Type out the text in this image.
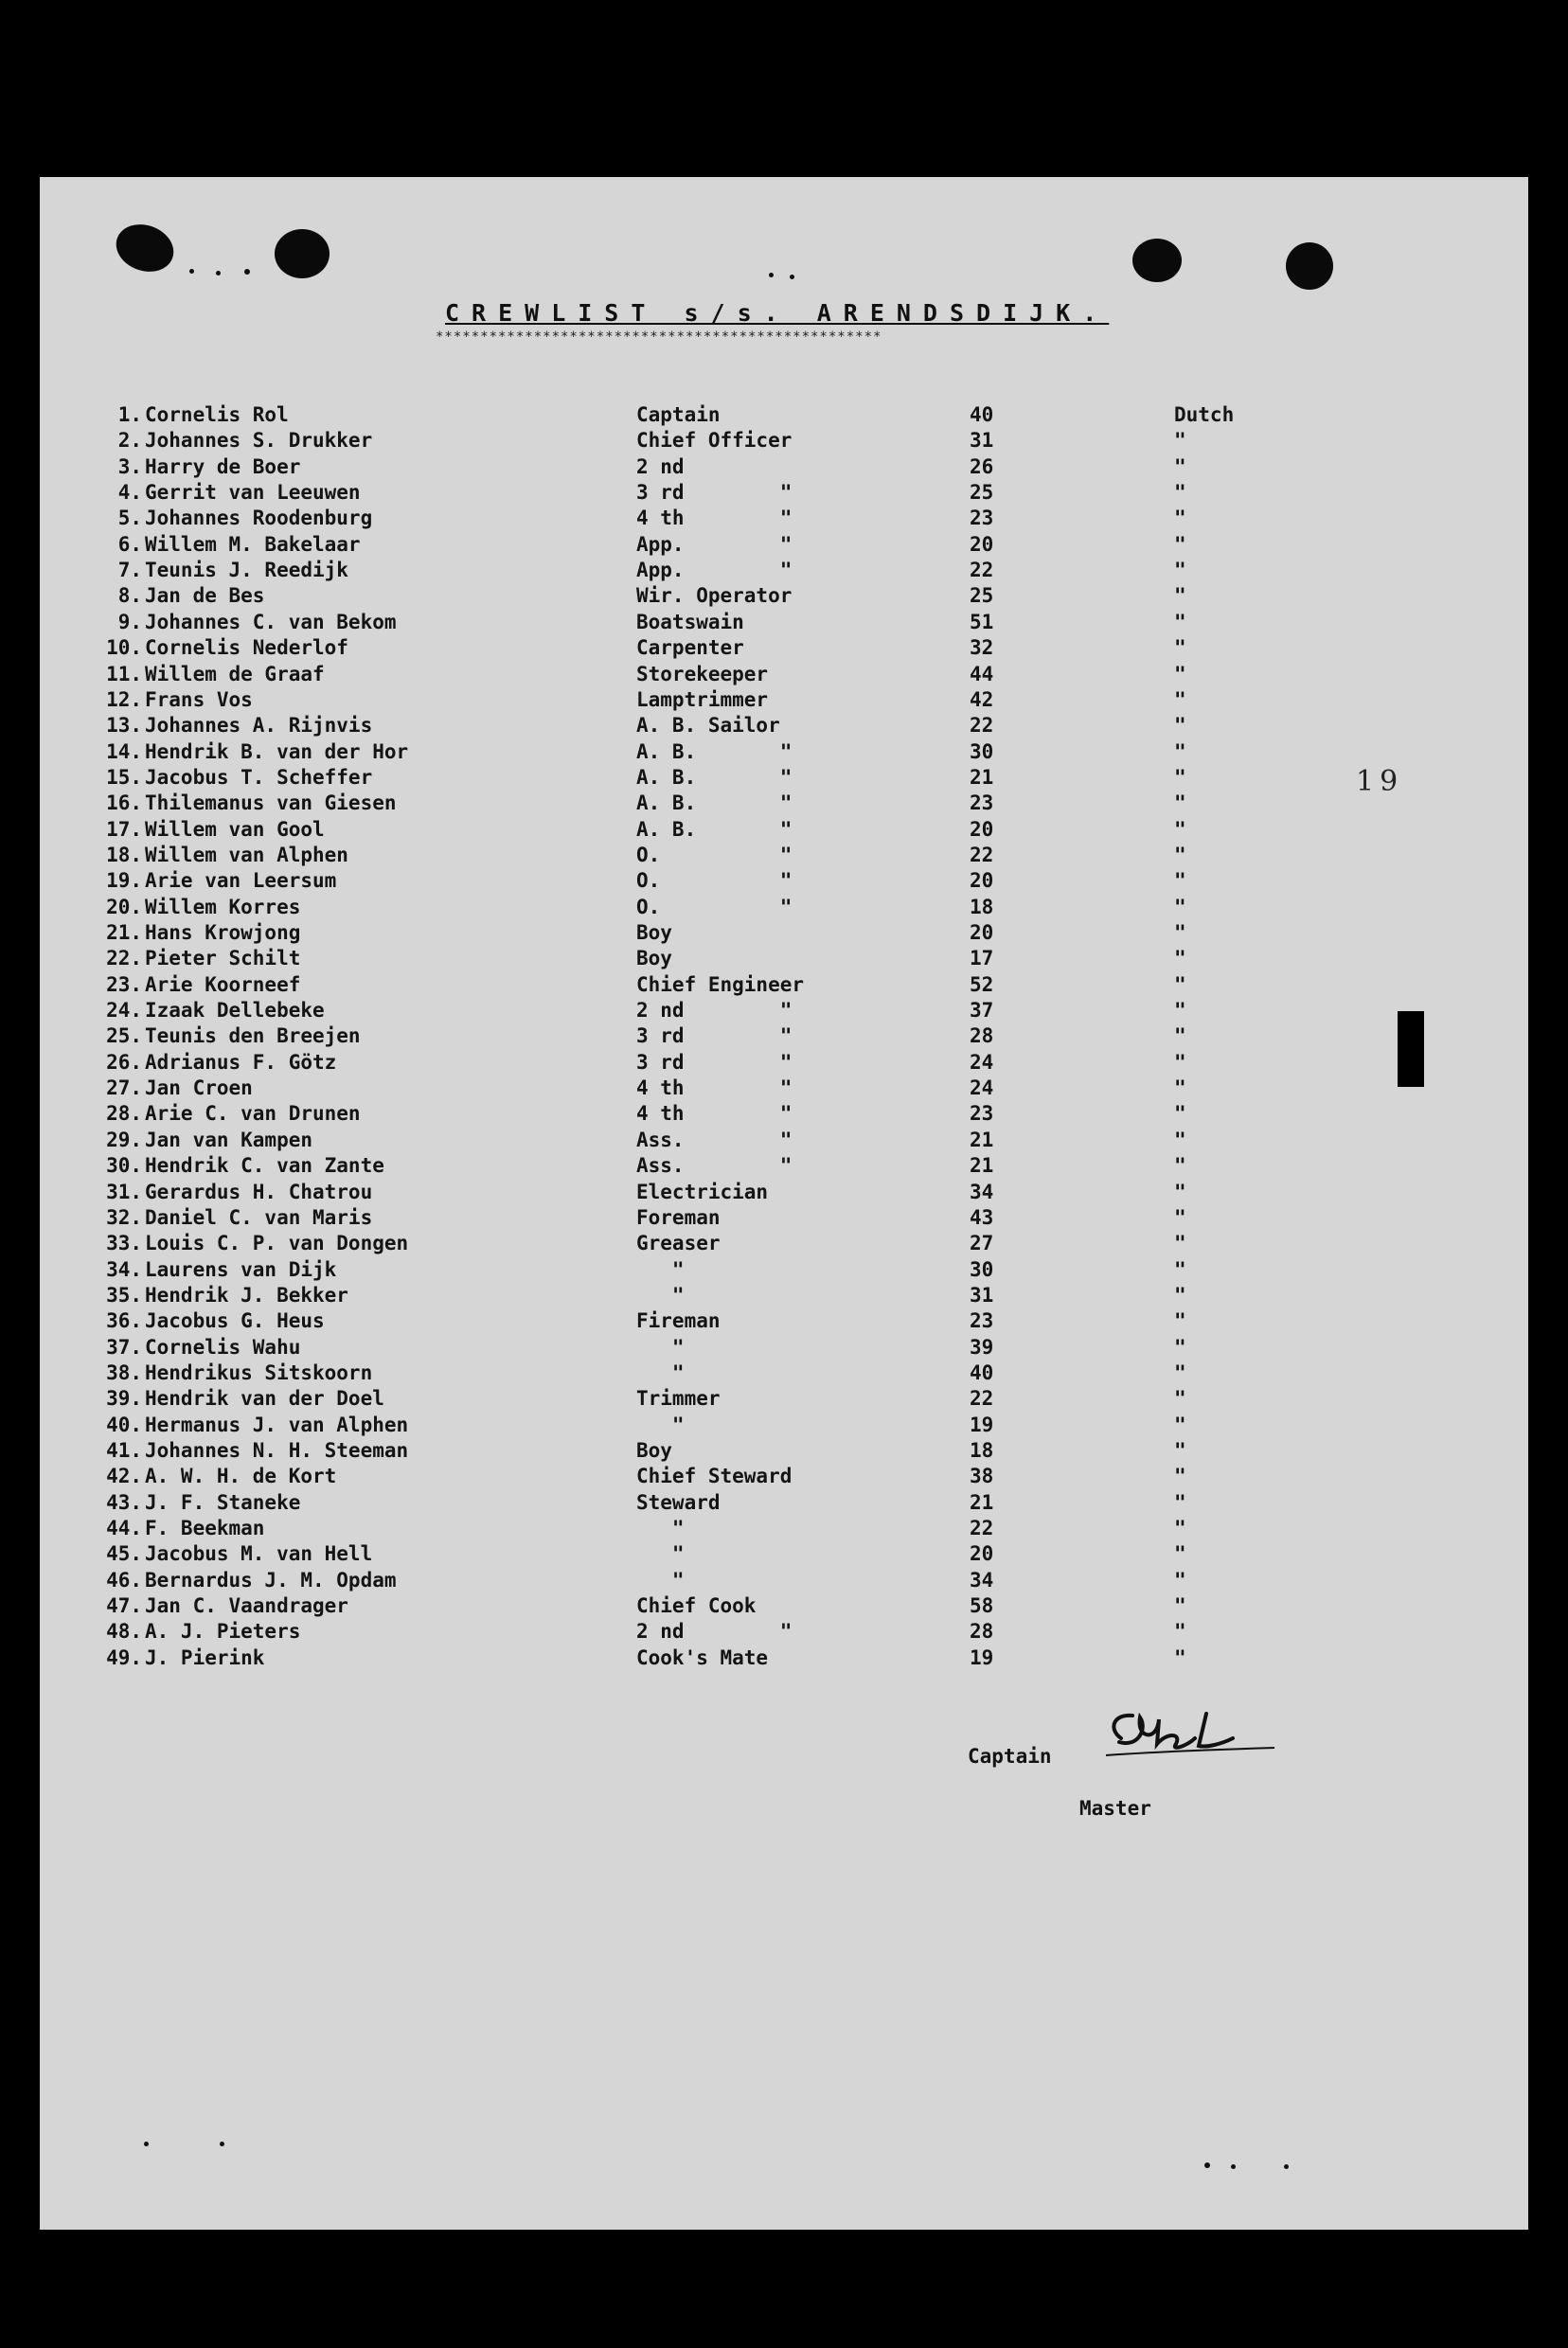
CREWLIST s/s. ARENDSDIJK.
**************************************************
19
1. Cornelis Rol	Captain	40	Dutch
2. Johannes S. Drukker	Chief Officer	31	"
3. Harry de Boer	2 nd	26	"
4. Gerrit van Leeuwen	3 rd        "	25	"
5. Johannes Roodenburg	4 th        "	23	"
6. Willem M. Bakelaar	App.        "	20	"
7. Teunis J. Reedijk	App.        "	22	"
8. Jan de Bes	Wir. Operator	25	"
9. Johannes C. van Bekom	Boatswain	51	"
10. Cornelis Nederlof	Carpenter	32	"
11. Willem de Graaf	Storekeeper	44	"
12. Frans Vos	Lamptrimmer	42	"
13. Johannes A. Rijnvis	A. B. Sailor	22	"
14. Hendrik B. van der Hor	A. B.       "	30	"
15. Jacobus T. Scheffer	A. B.       "	21	"
16. Thilemanus van Giesen	A. B.       "	23	"
17. Willem van Gool	A. B.       "	20	"
18. Willem van Alphen	O.          "	22	"
19. Arie van Leersum	O.          "	20	"
20. Willem Korres	O.          "	18	"
21. Hans Krowjong	Boy	20	"
22. Pieter Schilt	Boy	17	"
23. Arie Koorneef	Chief Engineer	52	"
24. Izaak Dellebeke	2 nd        "	37	"
25. Teunis den Breejen	3 rd        "	28	"
26. Adrianus F. Götz	3 rd        "	24	"
27. Jan Croen	4 th        "	24	"
28. Arie C. van Drunen	4 th        "	23	"
29. Jan van Kampen	Ass.        "	21	"
30. Hendrik C. van Zante	Ass.        "	21	"
31. Gerardus H. Chatrou	Electrician	34	"
32. Daniel C. van Maris	Foreman	43	"
33. Louis C. P. van Dongen	Greaser	27	"
34. Laurens van Dijk	"	30	"
35. Hendrik J. Bekker	"	31	"
36. Jacobus G. Heus	Fireman	23	"
37. Cornelis Wahu	"	39	"
38. Hendrikus Sitskoorn	"	40	"
39. Hendrik van der Doel	Trimmer	22	"
40. Hermanus J. van Alphen	"	19	"
41. Johannes N. H. Steeman	Boy	18	"
42. A. W. H. de Kort	Chief Steward	38	"
43. J. F. Staneke	Steward	21	"
44. F. Beekman	"	22	"
45. Jacobus M. van Hell	"	20	"
46. Bernardus J. M. Opdam	"	34	"
47. Jan C. Vaandrager	Chief Cook	58	"
48. A. J. Pieters	2 nd        "	28	"
49. J. Pierink	Cook's Mate	19	"
Captain
Master
